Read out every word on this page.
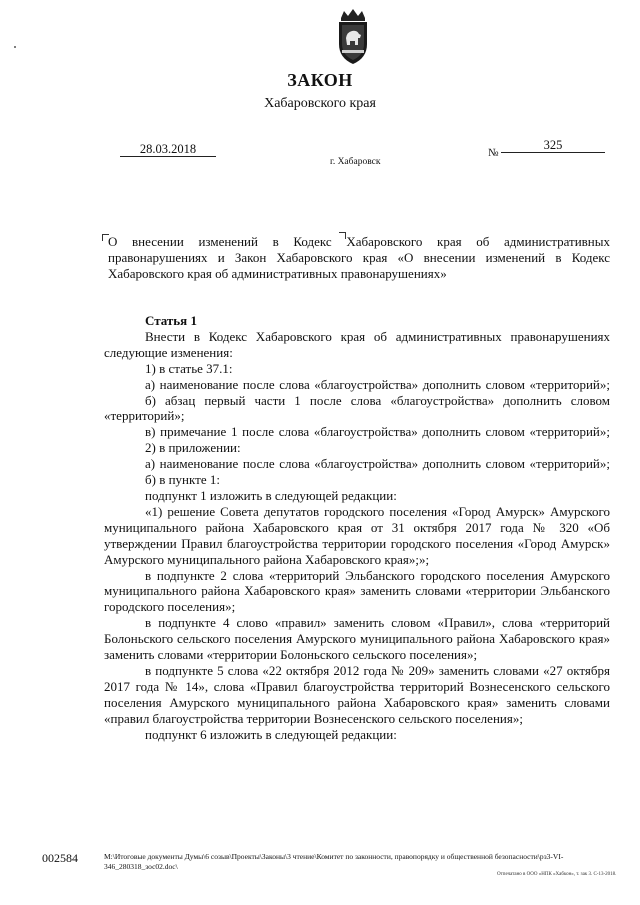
ЗАКОН
Хабаровского края
28.03.2018
г. Хабаровск
№
325
О внесении изменений в Кодекс Хабаровского края об административных правонарушениях и Закон Хабаровского края «О внесении изменений в Кодекс Хабаровского края об административных правонарушениях»

Статья 1

Внести в Кодекс Хабаровского края об административных правонарушениях следующие изменения:

1) в статье 37.1:

а) наименование после слова «благоустройства» дополнить словом «территорий»;

б) абзац первый части 1 после слова «благоустройства» дополнить словом «территорий»;

в) примечание 1 после слова «благоустройства» дополнить словом «территорий»;

2) в приложении:

а) наименование после слова «благоустройства» дополнить словом «территорий»;

б) в пункте 1:

подпункт 1 изложить в следующей редакции:

«1) решение Совета депутатов городского поселения «Город Амурск» Амурского муниципального района Хабаровского края от 31 октября 2017 года № 320 «Об утверждении Правил благоустройства территории городского поселения «Город Амурск» Амурского муниципального района Хабаровского края»;»;

в подпункте 2 слова «территорий Эльбанского городского поселения Амурского муниципального района Хабаровского края» заменить словами «территории Эльбанского городского поселения»;

в подпункте 4 слово «правил» заменить словом «Правил», слова «территорий Болоньского сельского поселения Амурского муниципального района Хабаровского края» заменить словами «территории Болоньского сельского поселения»;

в подпункте 5 слова «22 октября 2012 года № 209» заменить словами «27 октября 2017 года № 14», слова «Правил благоустройства территорий Вознесенского сельского поселения Амурского муниципального района Хабаровского края» заменить словами «правил благоустройства территории Вознесенского сельского поселения»;

подпункт 6 изложить в следующей редакции:

002584	M:\Итоговые документы Думы\6 созыв\Проекты\Законы\3 чтение\Комитет по законности, правопорядку и общественной безопасности\рз3-VI-
346_280318_зос02.doc\
Отпечатано в ООО «НПК «Хабкон», т. зак 3. С-13-2018.
